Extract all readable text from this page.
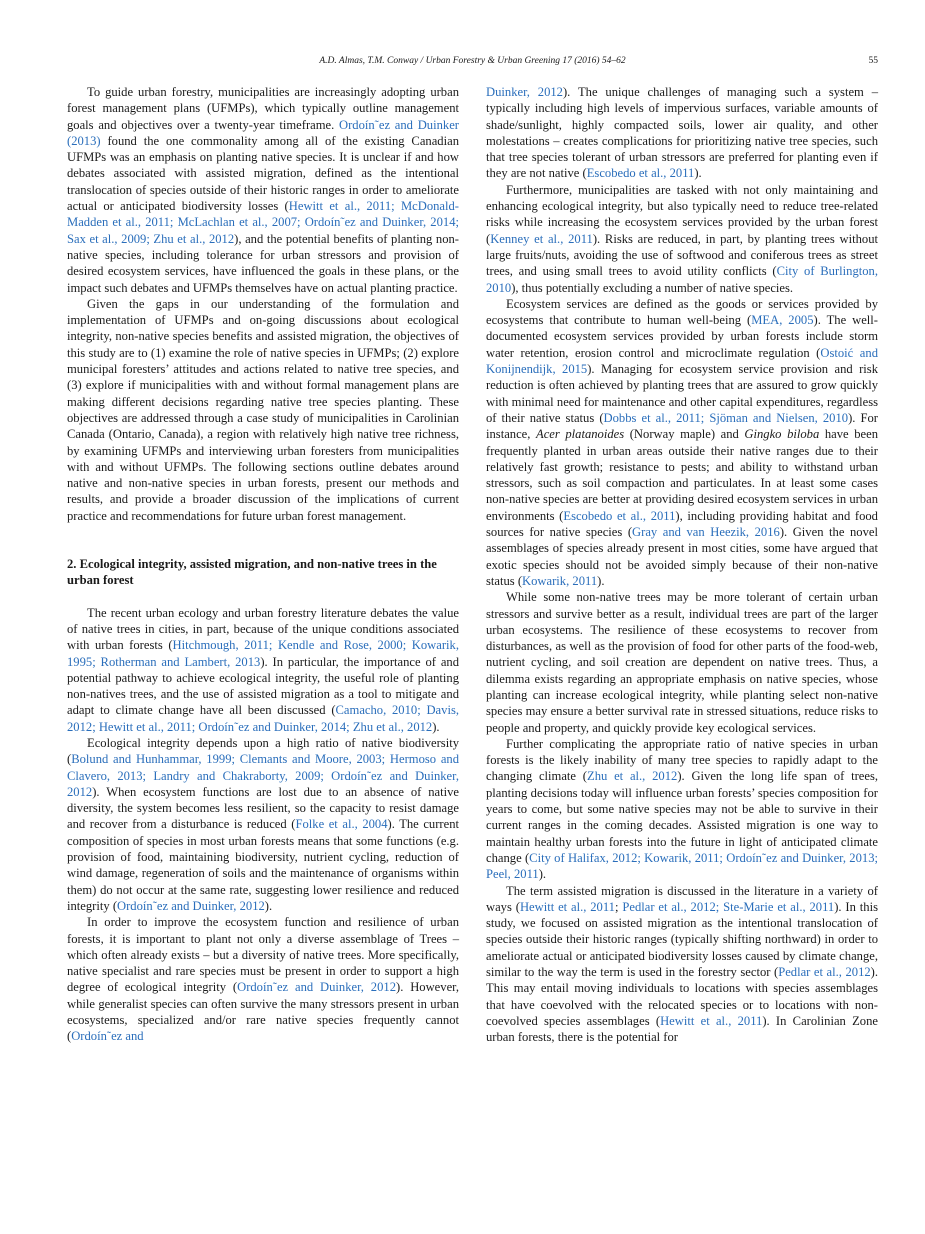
A.D. Almas, T.M. Conway / Urban Forestry & Urban Greening 17 (2016) 54–62	55

To guide urban forestry, municipalities are increasingly adopting urban forest management plans (UFMPs), which typically outline management goals and objectives over a twenty-year timeframe. Ordoín˜ez and Duinker (2013) found the one commonality among all of the existing Canadian UFMPs was an emphasis on planting native species. It is unclear if and how debates associated with assisted migration, defined as the intentional translocation of species outside of their historic ranges in order to ameliorate actual or anticipated biodiversity losses (Hewitt et al., 2011; McDonald-Madden et al., 2011; McLachlan et al., 2007; Ordoín˜ez and Duinker, 2014; Sax et al., 2009; Zhu et al., 2012), and the potential benefits of planting non-native species, including tolerance for urban stressors and provision of desired ecosystem services, have influenced the goals in these plans, or the impact such debates and UFMPs themselves have on actual planting practice.

Given the gaps in our understanding of the formulation and implementation of UFMPs and on-going discussions about ecological integrity, non-native species benefits and assisted migration, the objectives of this study are to (1) examine the role of native species in UFMPs; (2) explore municipal foresters’ attitudes and actions related to native tree species, and (3) explore if municipalities with and without formal management plans are making different decisions regarding native tree species planting. These objectives are addressed through a case study of municipalities in Carolinian Canada (Ontario, Canada), a region with relatively high native tree richness, by examining UFMPs and interviewing urban foresters from municipalities with and without UFMPs. The following sections outline debates around native and non-native species in urban forests, present our methods and results, and provide a broader discussion of the implications of current practice and recommendations for future urban forest management.

2. Ecological integrity, assisted migration, and non-native trees in the urban forest

The recent urban ecology and urban forestry literature debates the value of native trees in cities, in part, because of the unique conditions associated with urban forests (Hitchmough, 2011; Kendle and Rose, 2000; Kowarik, 1995; Rotherman and Lambert, 2013). In particular, the importance of and potential pathway to achieve ecological integrity, the useful role of planting non-natives trees, and the use of assisted migration as a tool to mitigate and adapt to climate change have all been discussed (Camacho, 2010; Davis, 2012; Hewitt et al., 2011; Ordoín˜ez and Duinker, 2014; Zhu et al., 2012).

Ecological integrity depends upon a high ratio of native biodiversity (Bolund and Hunhammar, 1999; Clemants and Moore, 2003; Hermoso and Clavero, 2013; Landry and Chakraborty, 2009; Ordoín˜ez and Duinker, 2012). When ecosystem functions are lost due to an absence of native diversity, the system becomes less resilient, so the capacity to resist damage and recover from a disturbance is reduced (Folke et al., 2004). The current composition of species in most urban forests means that some functions (e.g. provision of food, maintaining biodiversity, nutrient cycling, reduction of wind damage, regeneration of soils and the maintenance of organisms within them) do not occur at the same rate, suggesting lower resilience and reduced integrity (Ordoín˜ez and Duinker, 2012).

In order to improve the ecosystem function and resilience of urban forests, it is important to plant not only a diverse assemblage of Trees – which often already exists – but a diversity of native trees. More specifically, native specialist and rare species must be present in order to support a high degree of ecological integrity (Ordoín˜ez and Duinker, 2012). However, while generalist species can often survive the many stressors present in urban ecosystems, specialized and/or rare native species frequently cannot (Ordoín˜ez and

Duinker, 2012). The unique challenges of managing such a system – typically including high levels of impervious surfaces, variable amounts of shade/sunlight, highly compacted soils, lower air quality, and other molestations – creates complications for prioritizing native tree species, such that tree species tolerant of urban stressors are preferred for planting even if they are not native (Escobedo et al., 2011).

Furthermore, municipalities are tasked with not only maintaining and enhancing ecological integrity, but also typically need to reduce tree-related risks while increasing the ecosystem services provided by the urban forest (Kenney et al., 2011). Risks are reduced, in part, by planting trees without large fruits/nuts, avoiding the use of softwood and coniferous trees as street trees, and using small trees to avoid utility conflicts (City of Burlington, 2010), thus potentially excluding a number of native species.

Ecosystem services are defined as the goods or services provided by ecosystems that contribute to human well-being (MEA, 2005). The well-documented ecosystem services provided by urban forests include storm water retention, erosion control and microclimate regulation (Ostoić and Konijnendijk, 2015). Managing for ecosystem service provision and risk reduction is often achieved by planting trees that are assured to grow quickly with minimal need for maintenance and other capital expenditures, regardless of their native status (Dobbs et al., 2011; Sjöman and Nielsen, 2010). For instance, Acer platanoides (Norway maple) and Gingko biloba have been frequently planted in urban areas outside their native ranges due to their relatively fast growth; resistance to pests; and ability to withstand urban stressors, such as soil compaction and particulates. In at least some cases non-native species are better at providing desired ecosystem services in urban environments (Escobedo et al., 2011), including providing habitat and food sources for native species (Gray and van Heezik, 2016). Given the novel assemblages of species already present in most cities, some have argued that exotic species should not be avoided simply because of their non-native status (Kowarik, 2011).

While some non-native trees may be more tolerant of certain urban stressors and survive better as a result, individual trees are part of the larger urban ecosystems. The resilience of these ecosystems to recover from disturbances, as well as the provision of food for other parts of the food-web, nutrient cycling, and soil creation are dependent on native trees. Thus, a dilemma exists regarding an appropriate emphasis on native species, whose planting can increase ecological integrity, while planting select non-native species may ensure a better survival rate in stressed situations, reduce risks to people and property, and quickly provide key ecological services.

Further complicating the appropriate ratio of native species in urban forests is the likely inability of many tree species to rapidly adapt to the changing climate (Zhu et al., 2012). Given the long life span of trees, planting decisions today will influence urban forests’ species composition for years to come, but some native species may not be able to survive in their current ranges in the coming decades. Assisted migration is one way to maintain healthy urban forests into the future in light of anticipated climate change (City of Halifax, 2012; Kowarik, 2011; Ordoín˜ez and Duinker, 2013; Peel, 2011).

The term assisted migration is discussed in the literature in a variety of ways (Hewitt et al., 2011; Pedlar et al., 2012; Ste-Marie et al., 2011). In this study, we focused on assisted migration as the intentional translocation of species outside their historic ranges (typically shifting northward) in order to ameliorate actual or anticipated biodiversity losses caused by climate change, similar to the way the term is used in the forestry sector (Pedlar et al., 2012). This may entail moving individuals to locations with species assemblages that have coevolved with the relocated species or to locations with non-coevolved species assemblages (Hewitt et al., 2011). In Carolinian Zone urban forests, there is the potential for
